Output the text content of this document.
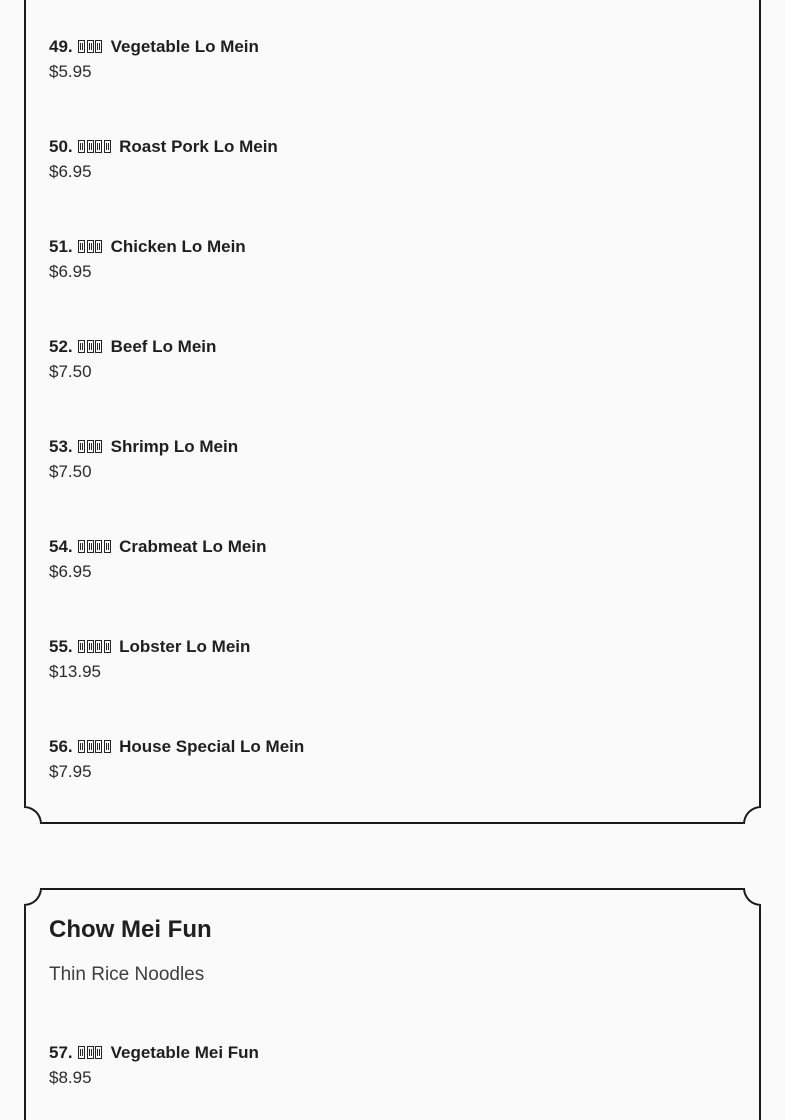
49. Vegetable Lo Mein
$5.95
50.	Roast Pork Lo Mein
$6.95
51. Chicken Lo Mein
$6.95
52. Beef Lo Mein
$7.50
53. Shrimp Lo Mein
$7.50
54.	Crabmeat Lo Mein
$6.95
55.	Lobster Lo Mein
$13.95
56.	House Special Lo Mein
$7.95
Chow Mei Fun

Thin Rice Noodles

57. Vegetable Mei Fun
$8.95
